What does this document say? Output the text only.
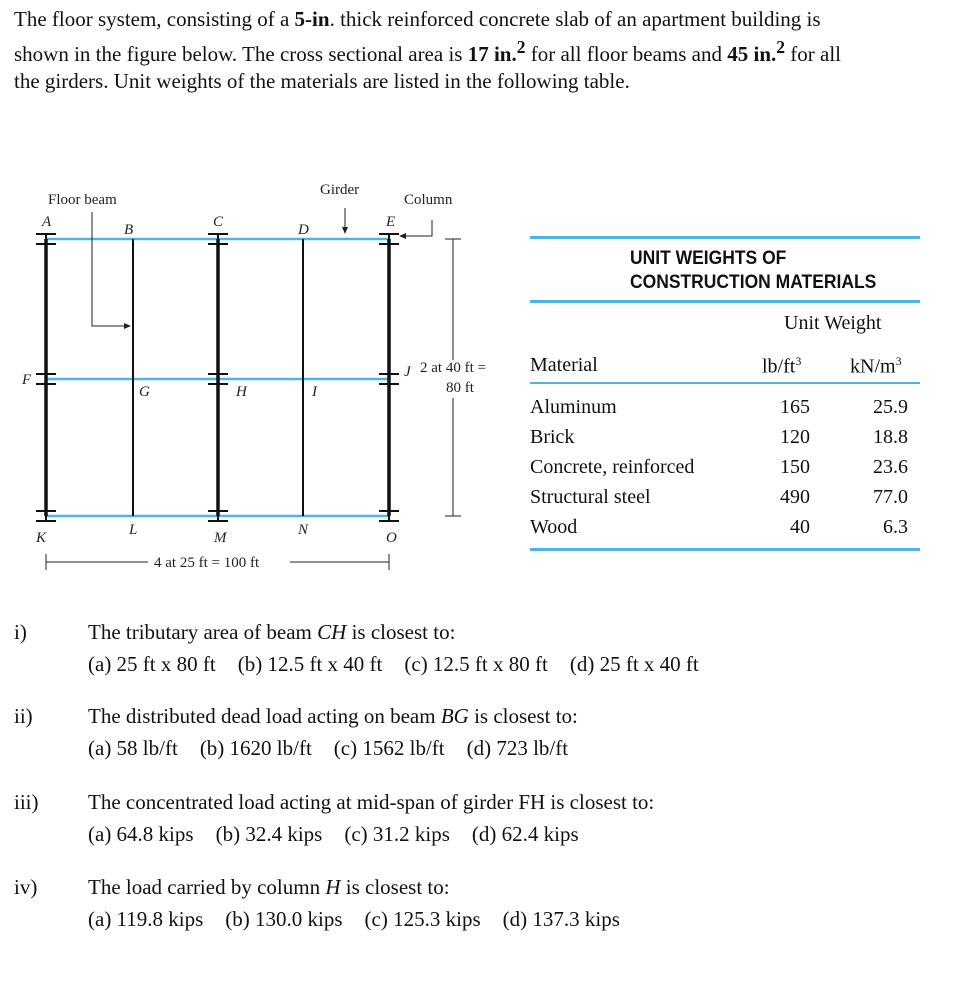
The floor system, consisting of a 5-in. thick reinforced concrete slab of an apartment building is shown in the figure below. The cross sectional area is 17 in.$^2$ for all floor beams and 45 in.$^2$ for all the girders. Unit weights of the materials are listed in the following table.
Floor beam
Girder
Column
A	B	C	D	E
F
G	H	I
J
K	L	M	N	O
2 at 40 ft =
80 ft
4 at 25 ft = 100 ft
UNIT WEIGHTS OF
CONSTRUCTION MATERIALS
Unit Weight
Material	$lb/ft^3$ $kN/m^3$
Aluminum	165	25.9
Brick	120	18.8
Concrete, reinforced	150	23.6
Structural steel	490	77.0
Wood	40	6.3
i)	The tributary area of beam CH is closest to:
(a) 25 ft x 80 ft (b) 12.5 ft x 40 ft (c) 12.5 ft x 80 ft (d) 25 ft x 40 ft
ii)	The distributed dead load acting on beam BG is closest to:
(a) 58 lb/ft (b) 1620 lb/ft (c) 1562 lb/ft (d) 723 lb/ft
iii) The concentrated load acting at mid-span of girder FH is closest to:
(a) 64.8 kips (b) 32.4 kips (c) 31.2 kips (d) 62.4 kips
iv) The load carried by column H is closest to:
(a) 119.8 kips (b) 130.0 kips (c) 125.3 kips (d) 137.3 kips
